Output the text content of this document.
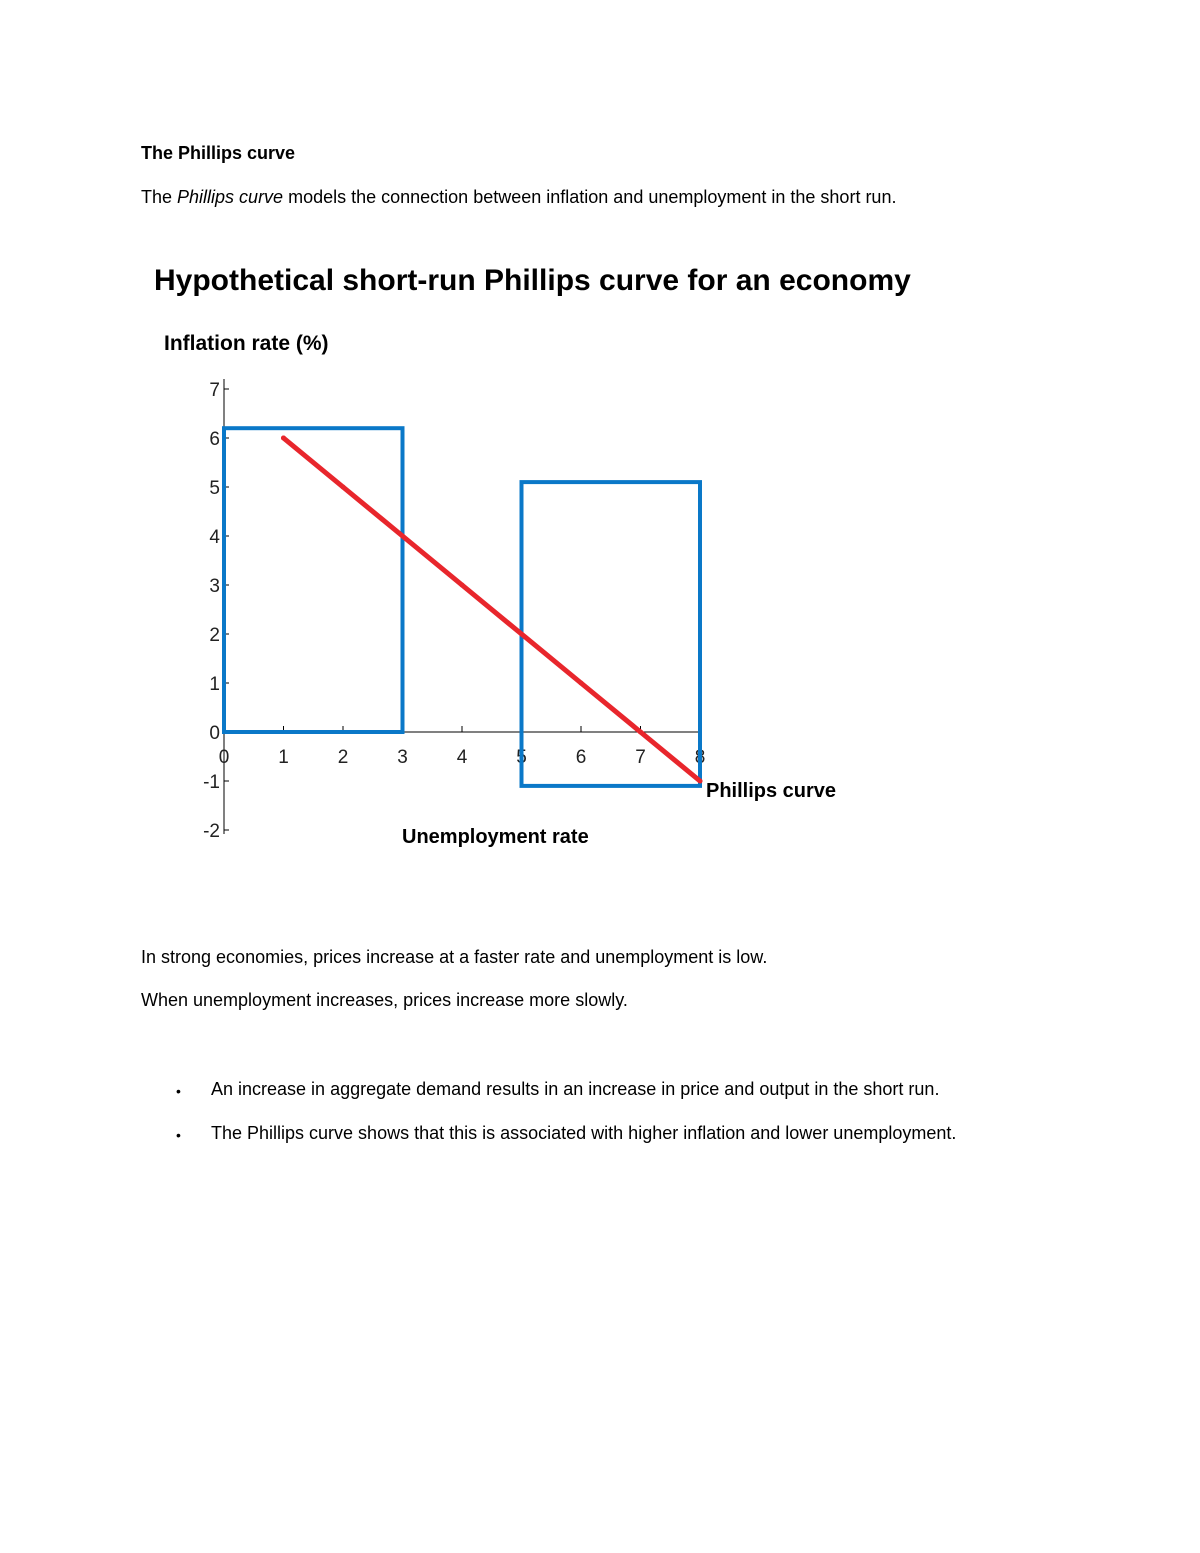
The Phillips curve
The Phillips curve models the connection between inflation and unemployment in the short run.
Hypothetical short-run Phillips curve for an economy
Inflation rate (%)
Unemployment rate
7
6
5
4
3
2
1
0
-1
-2
0	1	2	3	4	5	6	7	8
Phillips curve
In strong economies, prices increase at a faster rate and unemployment is low.
When unemployment increases, prices increase more slowly.
• An increase in aggregate demand results in an increase in price and output in the short run.
• The Phillips curve shows that this is associated with higher inflation and lower unemployment.
